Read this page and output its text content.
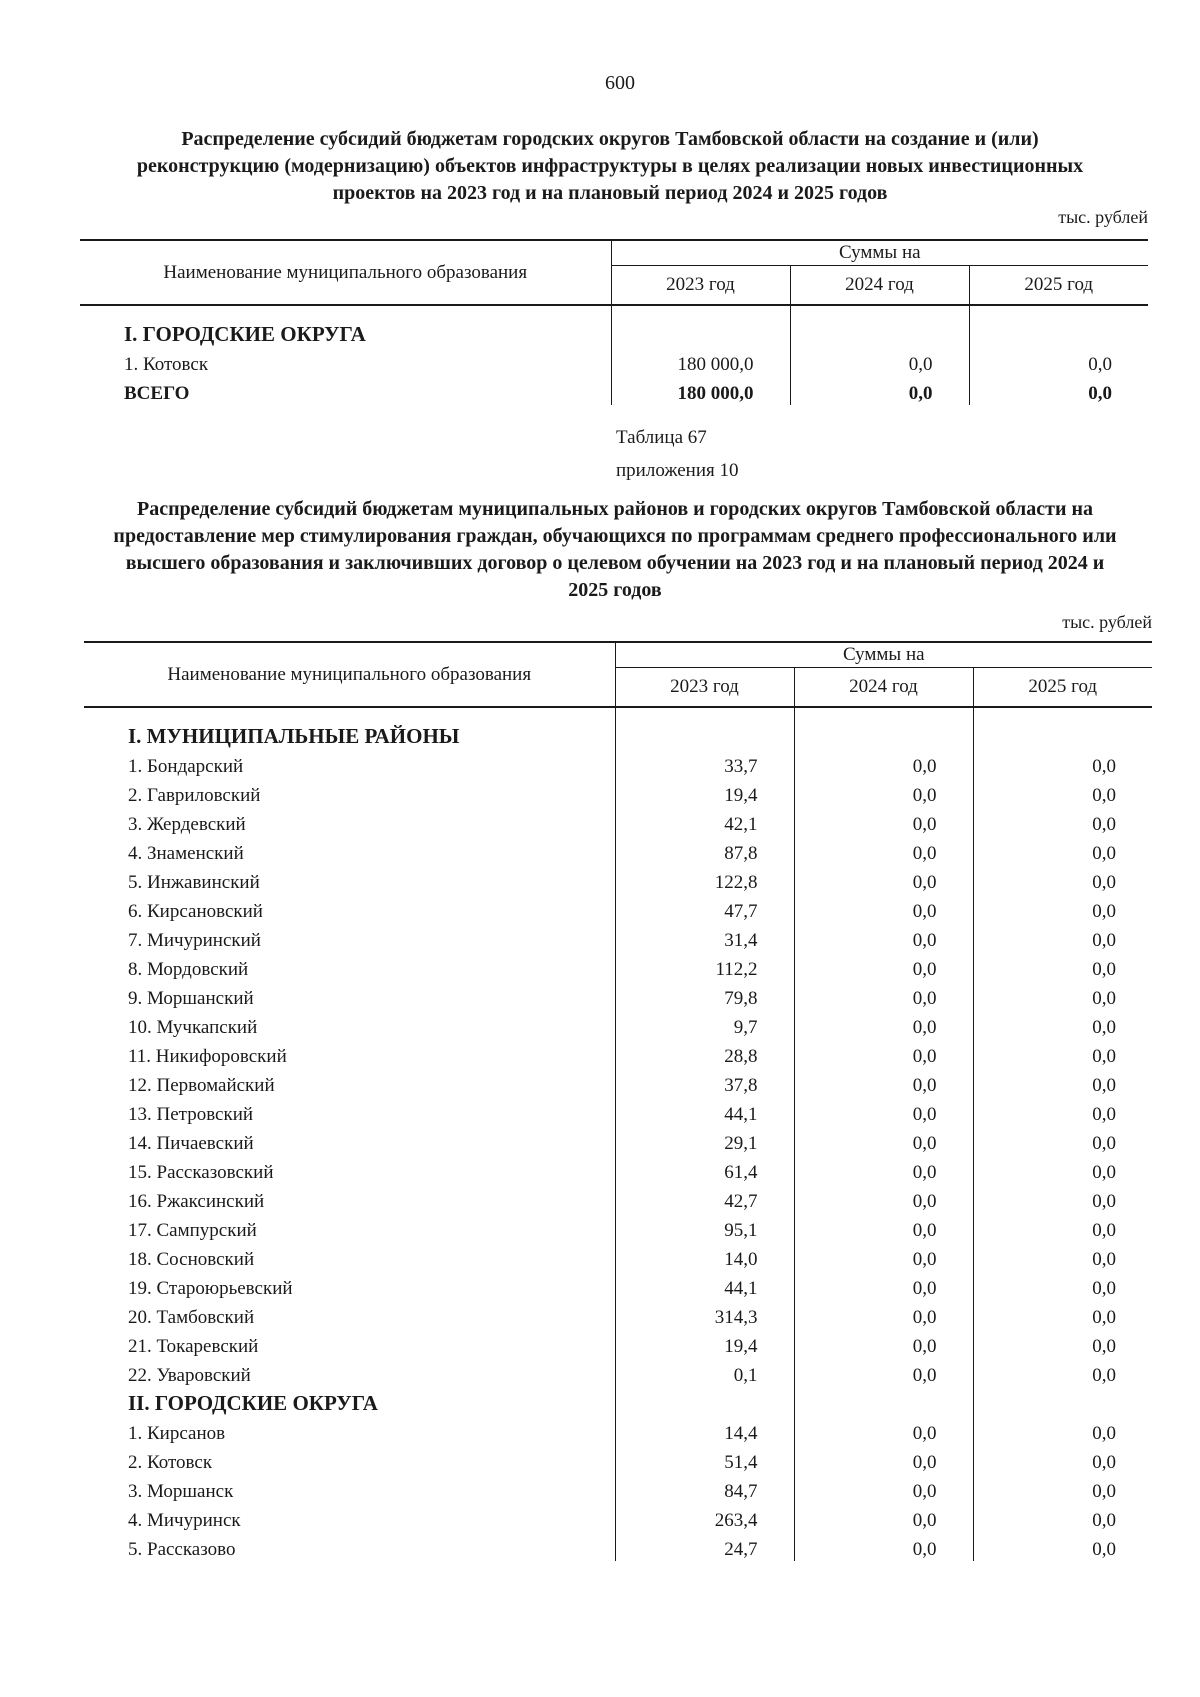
600
Распределение субсидий бюджетам городских округов Тамбовской области на создание и (или) реконструкцию (модернизацию) объектов инфраструктуры в целях реализации новых инвестиционных проектов на 2023 год и на плановый период 2024 и 2025 годов
тыс. рублей
Наименование муниципального образования	Суммы на		
	2023 год	2024 год	2025 год
I. ГОРОДСКИЕ ОКРУГА			
1. Котовск	180 000,0	0,0	0,0
ВСЕГО	180 000,0	0,0	0,0
Таблица 67
приложения 10
Распределение субсидий бюджетам муниципальных районов и городских округов Тамбовской области на предоставление мер стимулирования граждан, обучающихся по программам среднего профессионального или высшего образования и заключивших договор о целевом обучении на 2023 год и на плановый период 2024 и 2025 годов
тыс. рублей
Наименование муниципального образования	Суммы на		
	2023 год	2024 год	2025 год
I. МУНИЦИПАЛЬНЫЕ РАЙОНЫ			
1. Бондарский	33,7	0,0	0,0
2. Гавриловский	19,4	0,0	0,0
3. Жердевский	42,1	0,0	0,0
4. Знаменский	87,8	0,0	0,0
5. Инжавинский	122,8	0,0	0,0
6. Кирсановский	47,7	0,0	0,0
7. Мичуринский	31,4	0,0	0,0
8. Мордовский	112,2	0,0	0,0
9. Моршанский	79,8	0,0	0,0
10. Мучкапский	9,7	0,0	0,0
11. Никифоровский	28,8	0,0	0,0
12. Первомайский	37,8	0,0	0,0
13. Петровский	44,1	0,0	0,0
14. Пичаевский	29,1	0,0	0,0
15. Рассказовский	61,4	0,0	0,0
16. Ржаксинский	42,7	0,0	0,0
17. Сампурский	95,1	0,0	0,0
18. Сосновский	14,0	0,0	0,0
19. Староюрьевский	44,1	0,0	0,0
20. Тамбовский	314,3	0,0	0,0
21. Токаревский	19,4	0,0	0,0
22. Уваровский	0,1	0,0	0,0
II. ГОРОДСКИЕ ОКРУГА			
1. Кирсанов	14,4	0,0	0,0
2. Котовск	51,4	0,0	0,0
3. Моршанск	84,7	0,0	0,0
4. Мичуринск	263,4	0,0	0,0
5. Рассказово	24,7	0,0	0,0
